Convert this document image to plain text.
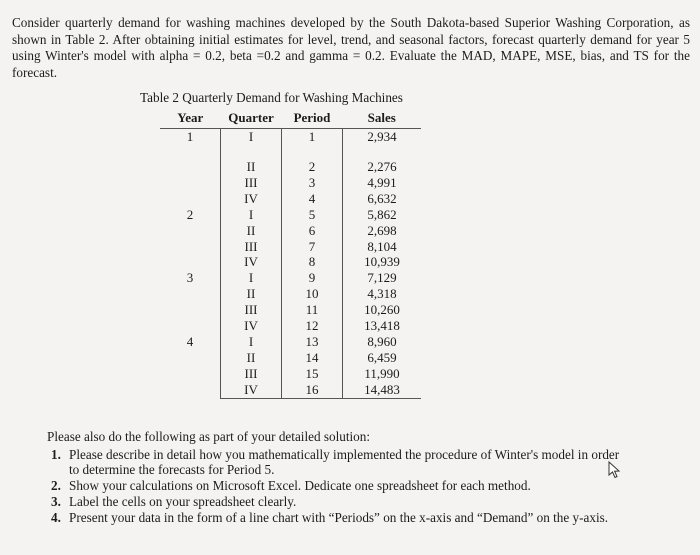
Consider quarterly demand for washing machines developed by the South Dakota-based Superior Washing Corporation, as shown in Table 2. After obtaining initial estimates for level, trend, and seasonal factors, forecast quarterly demand for year 5 using Winter's model with alpha = 0.2, beta =0.2 and gamma = 0.2. Evaluate the MAD, MAPE, MSE, bias, and TS for the forecast.

Table 2 Quarterly Demand for Washing Machines
Year	Quarter	Period	Sales
1	I	1	2,934
	II	2	2,276
	III	3	4,991
	IV	4	6,632
2	I	5	5,862
	II	6	2,698
	III	7	8,104
	IV	8	10,939
3	I	9	7,129
	II	10	4,318
	III	11	10,260
	IV	12	13,418
4	I	13	8,960
	II	14	6,459
	III	15	11,990
	IV	16	14,483
Please also do the following as part of your detailed solution:
1. Please describe in detail how you mathematically implemented the procedure of Winter's model in order to determine the forecasts for Period 5.
2. Show your calculations on Microsoft Excel. Dedicate one spreadsheet for each method.
3. Label the cells on your spreadsheet clearly.
4. Present your data in the form of a line chart with “Periods” on the x-axis and “Demand” on the y-axis.
